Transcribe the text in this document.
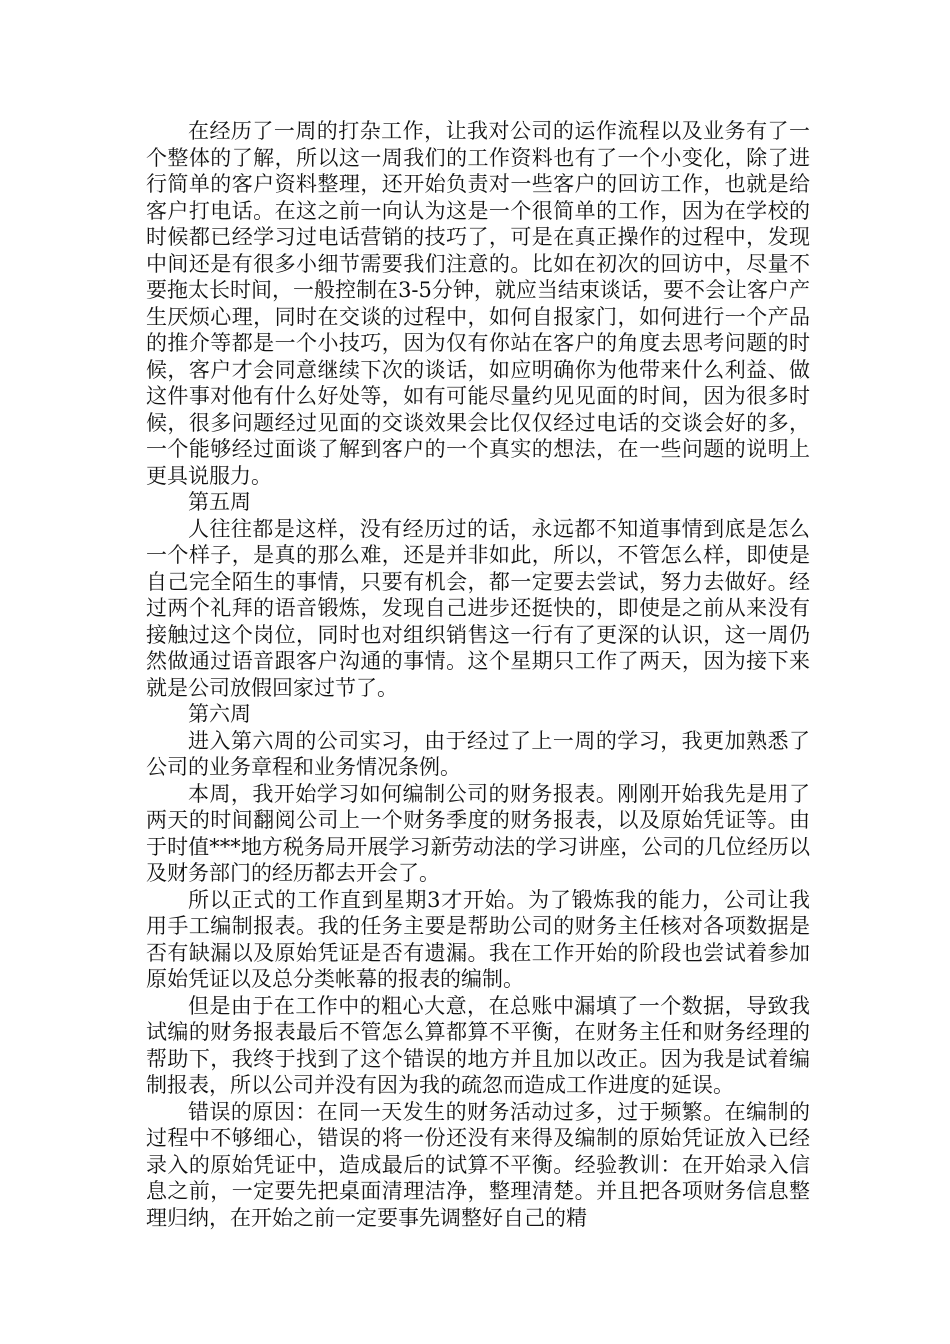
在经历了一周的打杂工作，让我对公司的运作流程以及业务有了一个整体的了解，所以这一周我们的工作资料也有了一个小变化，除了进行简单的客户资料整理，还开始负责对一些客户的回访工作，也就是给客户打电话。在这之前一向认为这是一个很简单的工作，因为在学校的时候都已经学习过电话营销的技巧了，可是在真正操作的过程中，发现中间还是有很多小细节需要我们注意的。比如在初次的回访中，尽量不要拖太长时间，一般控制在3-5分钟，就应当结束谈话，要不会让客户产生厌烦心理，同时在交谈的过程中，如何自报家门，如何进行一个产品的推介等都是一个小技巧，因为仅有你站在客户的角度去思考问题的时候，客户才会同意继续下次的谈话，如应明确你为他带来什么利益、做这件事对他有什么好处等，如有可能尽量约见见面的时间，因为很多时候，很多问题经过见面的交谈效果会比仅仅经过电话的交谈会好的多，一个能够经过面谈了解到客户的一个真实的想法，在一些问题的说明上更具说服力。

第五周

人往往都是这样，没有经历过的话，永远都不知道事情到底是怎么一个样子，是真的那么难，还是并非如此，所以，不管怎么样，即使是自己完全陌生的事情，只要有机会，都一定要去尝试，努力去做好。经过两个礼拜的语音锻炼，发现自己进步还挺快的，即使是之前从来没有接触过这个岗位，同时也对组织销售这一行有了更深的认识，这一周仍然做通过语音跟客户沟通的事情。这个星期只工作了两天，因为接下来就是公司放假回家过节了。

第六周

进入第六周的公司实习，由于经过了上一周的学习，我更加熟悉了公司的业务章程和业务情况条例。

本周，我开始学习如何编制公司的财务报表。刚刚开始我先是用了两天的时间翻阅公司上一个财务季度的财务报表，以及原始凭证等。由于时值***地方税务局开展学习新劳动法的学习讲座，公司的几位经历以及财务部门的经历都去开会了。

所以正式的工作直到星期3才开始。为了锻炼我的能力，公司让我用手工编制报表。我的任务主要是帮助公司的财务主任核对各项数据是否有缺漏以及原始凭证是否有遗漏。我在工作开始的阶段也尝试着参加原始凭证以及总分类帐幕的报表的编制。

但是由于在工作中的粗心大意，在总账中漏填了一个数据，导致我试编的财务报表最后不管怎么算都算不平衡，在财务主任和财务经理的帮助下，我终于找到了这个错误的地方并且加以改正。因为我是试着编制报表，所以公司并没有因为我的疏忽而造成工作进度的延误。

错误的原因：在同一天发生的财务活动过多，过于频繁。在编制的过程中不够细心，错误的将一份还没有来得及编制的原始凭证放入已经录入的原始凭证中，造成最后的试算不平衡。经验教训：在开始录入信息之前，一定要先把桌面清理洁净，整理清楚。并且把各项财务信息整理归纳，在开始之前一定要事先调整好自己的精
